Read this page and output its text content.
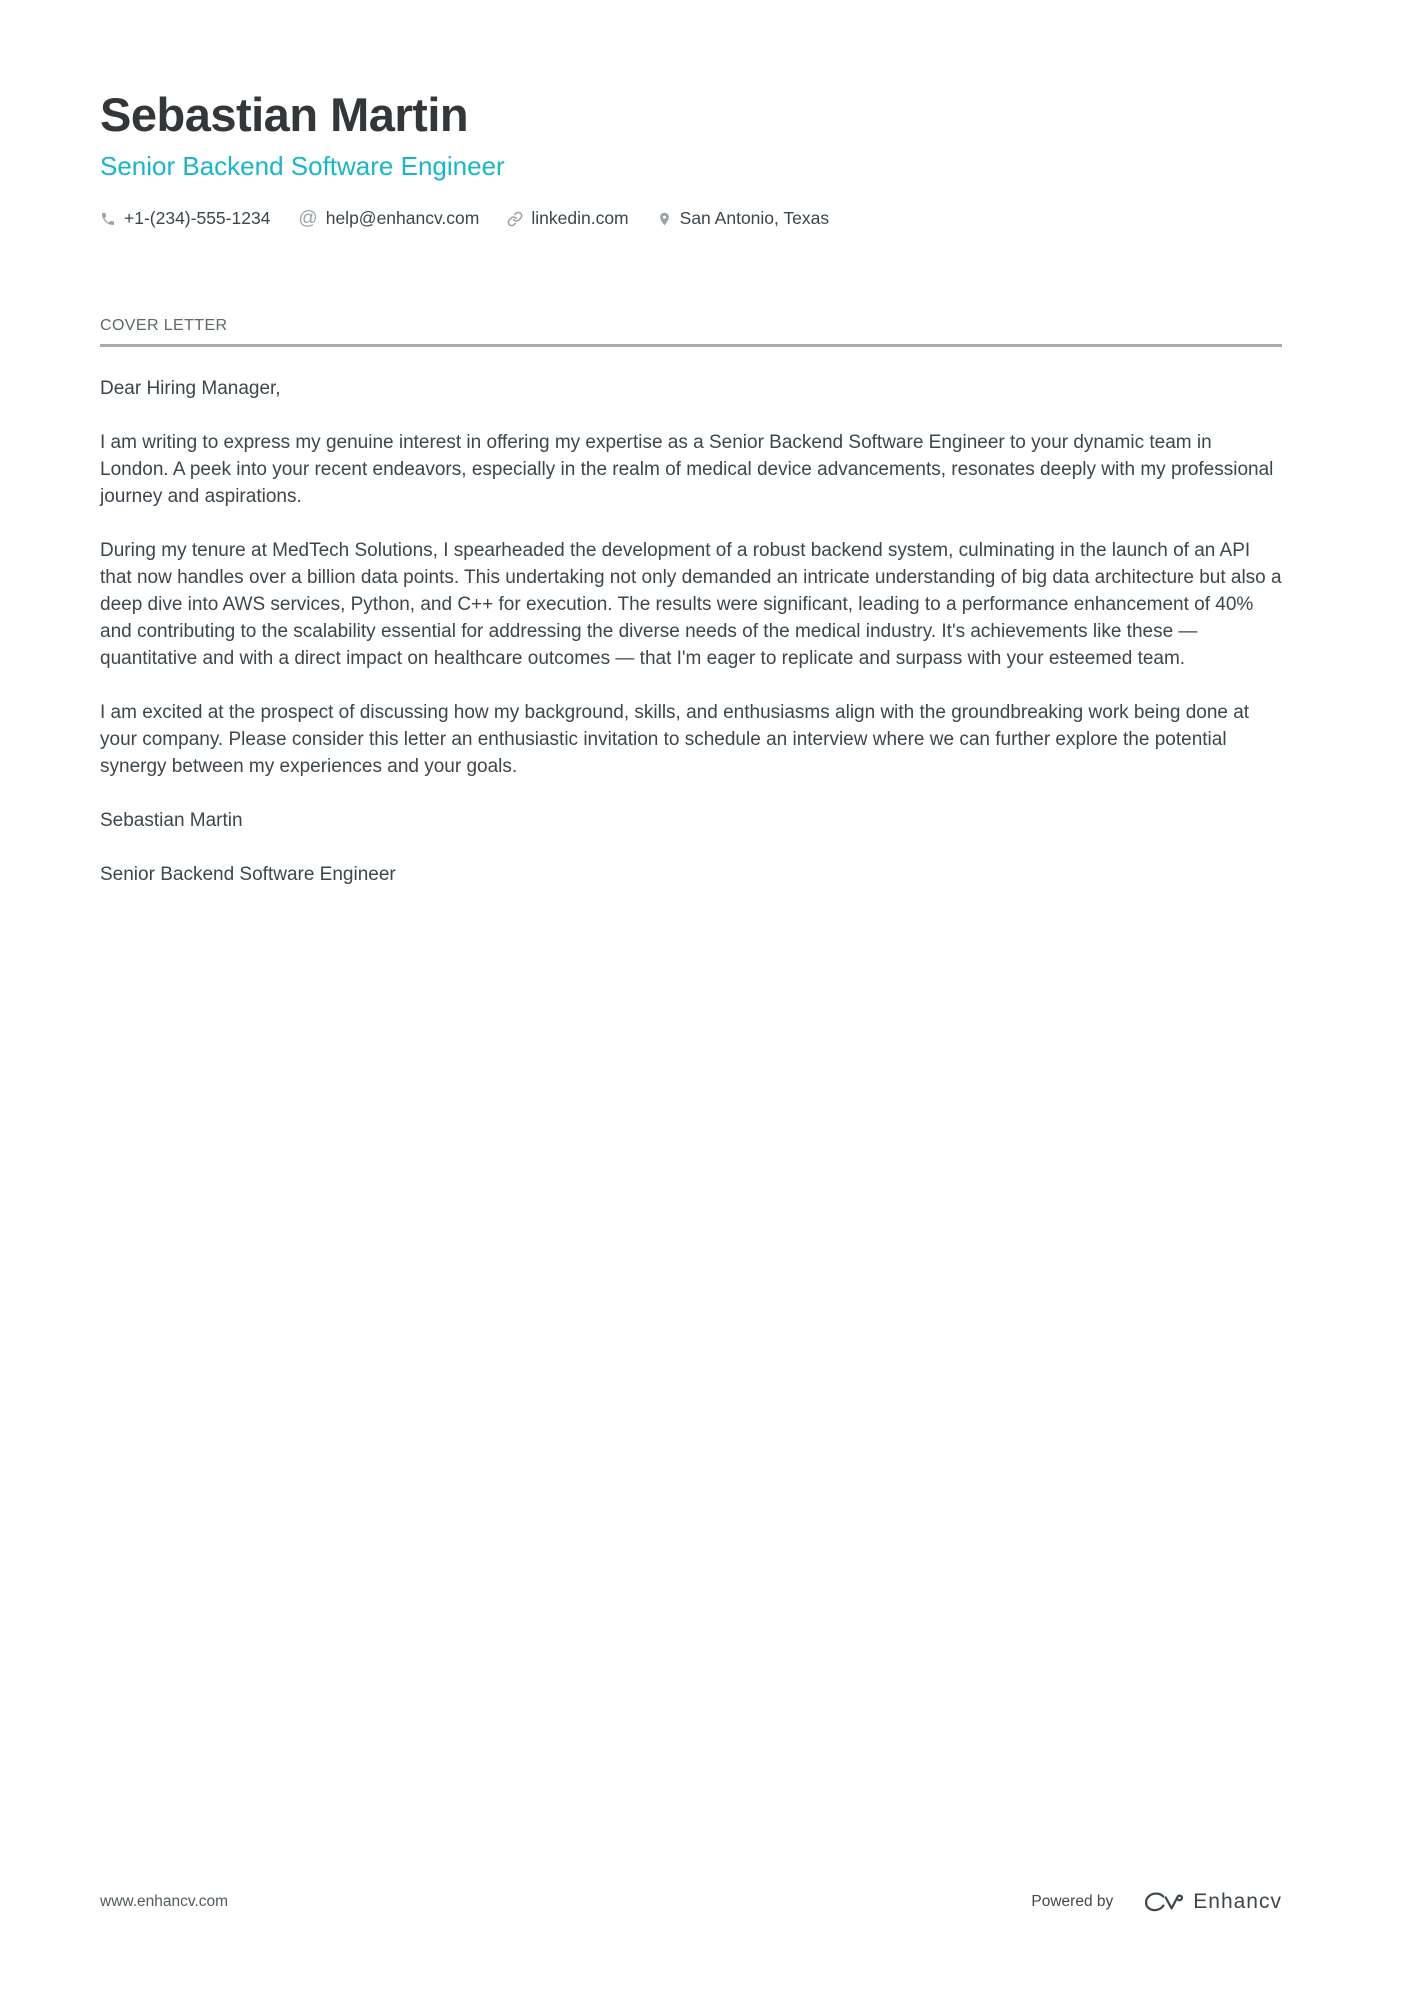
Sebastian Martin
Senior Backend Software Engineer
+1-(234)-555-1234 @ help@enhancv.com	linkedin.com	San Antonio, Texas
COVER LETTER

Dear Hiring Manager,

I am writing to express my genuine interest in offering my expertise as a Senior Backend Software Engineer to your dynamic team in London. A peek into your recent endeavors, especially in the realm of medical device advancements, resonates deeply with my professional journey and aspirations.

During my tenure at MedTech Solutions, I spearheaded the development of a robust backend system, culminating in the launch of an API that now handles over a billion data points. This undertaking not only demanded an intricate understanding of big data architecture but also a deep dive into AWS services, Python, and C++ for execution. The results were significant, leading to a performance enhancement of 40% and contributing to the scalability essential for addressing the diverse needs of the medical industry. It's achievements like these — quantitative and with a direct impact on healthcare outcomes — that I'm eager to replicate and surpass with your esteemed team.

I am excited at the prospect of discussing how my background, skills, and enthusiasms align with the groundbreaking work being done at your company. Please consider this letter an enthusiastic invitation to schedule an interview where we can further explore the potential synergy between my experiences and your goals.

Sebastian Martin

Senior Backend Software Engineer

www.enhancv.com	Powered by	Enhancv
